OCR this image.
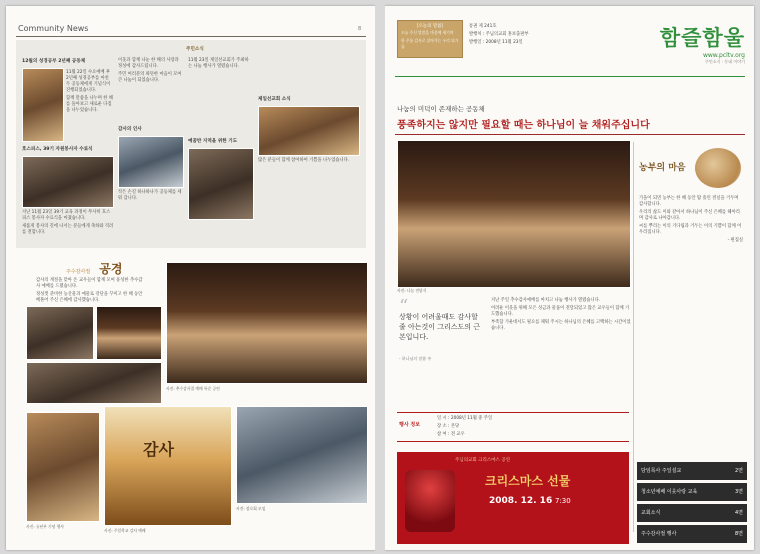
Community News	8
주민소식
12월의 성경공부 2년째 공동체

11월 22일 수요예배 후 2년째 성경공부를 마친 두 공동체에게 기념식이 진행되었습니다.

함께 말씀을 나누며 한 해를 돌아보고 새로운 다짐을 나누었습니다.

호스피스, 39기 자원봉사자 수료식

지난 11월 23일 39기 교육 과정이 무사히 호스피스 봉사자 수료식을 마쳤습니다.

새롭게 봉사의 길에 나서는 분들에게 축하와 격려를 전합니다.

이웃과 함께 나눈 한 해의 사랑과 정성에 감사드립니다.

주민 여러분의 따뜻한 마음이 모여 큰 나눔이 되었습니다.

감사의 인사

작은 손길 하나하나가 공동체를 세워 갑니다.

11월 23일 제일선교회가 주최하는 나눔 행사가 열렸습니다.

예꿈반 지역을 위한 기도
제일선교회 소식

많은 분들이 함께 참여하여 기쁨을 나누었습니다.

주수감사절 공경

감사의 계절을 맞아 온 교우들이 함께 모여 풍성한 추수감사 예배를 드렸습니다.

정성껏 준비한 농산물과 예물로 강단을 꾸미고 한 해 동안 베풀어 주신 은혜에 감사했습니다.

사진: 추수감사절 예배 특순 공연
사진: 유년부 기념 행사
감사
사진: 주일학교 감사 예배
사진: 장로회 모임
[오늘의 말씀]
오늘 주신 말씀을 마음에 새기며
한 주를 감사로 살아가는 우리 되기를

통권 제 241호

발행처 : 주님의교회 홍보출판부

발행일 : 2008년 11월 23일	함즐함울
www.pcltv.org
주민소식 : 동네 이야기
나눔의 미덕이 존재하는 공동체
풍족하지는 않지만 필요할 때는 하나님이 늘 채워주십니다
사진: 나눔 전달식
농부의 마음

가을이 되면 농부는 한 해 동안 땀 흘린 결실을 거두며 감사합니다.

우리의 삶도 이와 같아서 하나님이 주신 은혜를 헤아리며 감사로 나아갑니다.

씨를 뿌리는 이의 기다림과 거두는 이의 기쁨이 함께 어우러집니다.

- 편집실

“
상황이 어려울때도 감사할 줄 아는것이 그리스도의 근본입니다.
- 하나님의 말씀 中

지난 주일 추수감사예배를 마치고 나눔 행사가 열렸습니다.

어려운 이웃을 위해 모은 성금과 물품이 전달되었고 많은 교우들이 함께 기도했습니다.

부족함 가운데서도 필요를 채워 주시는 하나님의 은혜를 고백하는 시간이었습니다.

행사 정보

일 시 : 2008년 11월 중 주일

장 소 : 본당

참 여 : 전 교우

주님의교회 크리스마스 공연
크리스마스 선물
2008. 12. 16 7:30
담임목사 주일설교	2면
청소년예배 이웃사랑 교육	3면
교회소식	4면
주수감사절 행사	8면
